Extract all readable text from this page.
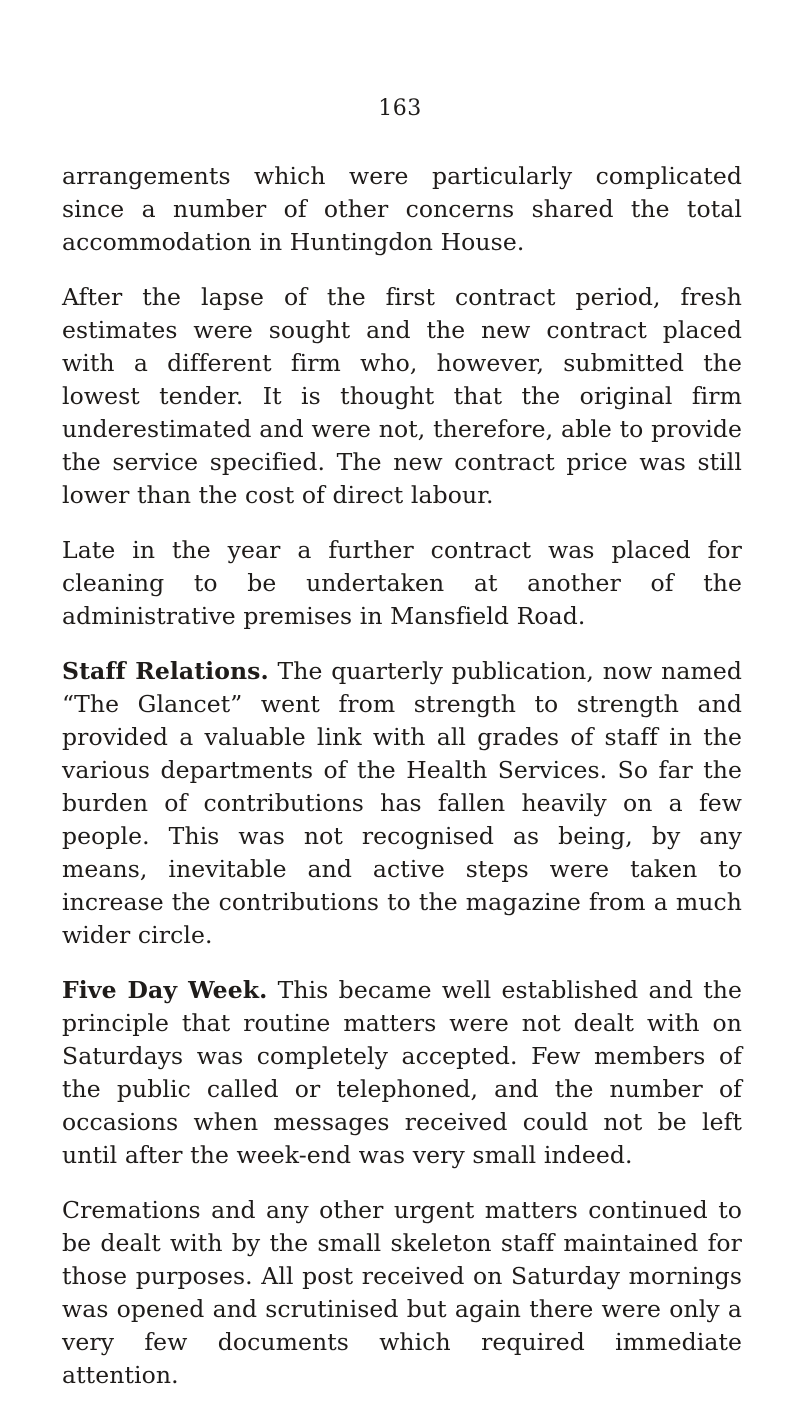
163

arrangements which were particularly complicated since a number of other concerns shared the total accommodation in Huntingdon House.

After the lapse of the first contract period, fresh estimates were sought and the new contract placed with a different firm who, however, submitted the lowest tender. It is thought that the original firm underestimated and were not, therefore, able to provide the service specified. The new contract price was still lower than the cost of direct labour.

Late in the year a further contract was placed for cleaning to be undertaken at another of the administrative premises in Mansfield Road.

Staff Relations. The quarterly publication, now named “The Glancet” went from strength to strength and provided a valuable link with all grades of staff in the various departments of the Health Services. So far the burden of contributions has fallen heavily on a few people. This was not recognised as being, by any means, inevitable and active steps were taken to increase the contributions to the magazine from a much wider circle.

Five Day Week. This became well established and the principle that routine matters were not dealt with on Saturdays was completely accepted. Few members of the public called or telephoned, and the number of occasions when messages received could not be left until after the week-end was very small indeed.

Cremations and any other urgent matters continued to be dealt with by the small skeleton staff maintained for those purposes. All post received on Saturday mornings was opened and scrutinised but again there were only a very few documents which required immediate attention.
